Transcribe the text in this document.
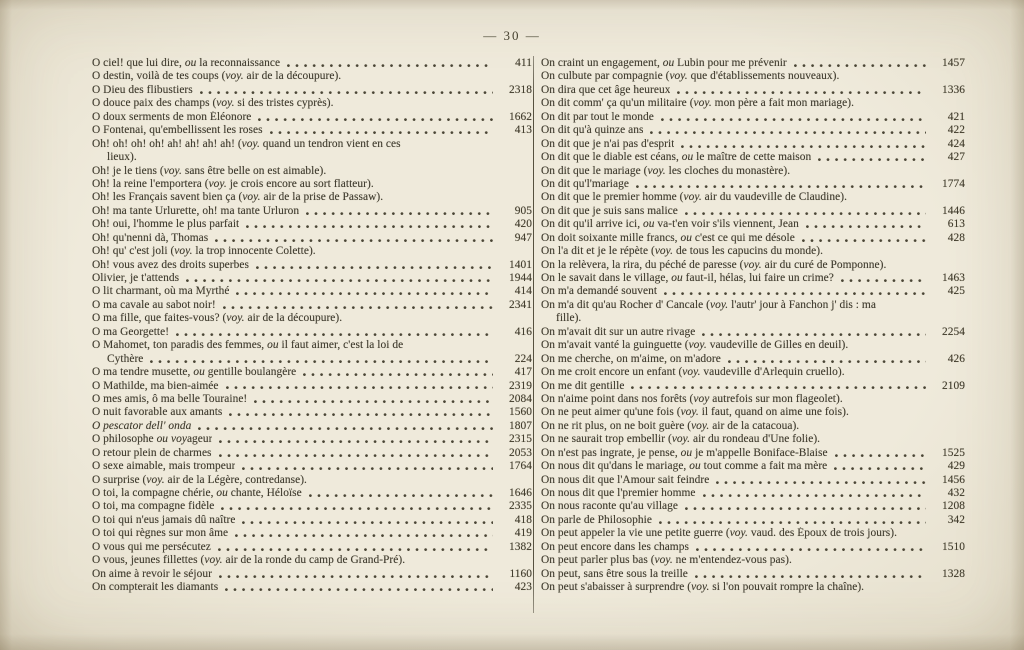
— 30 —
O ciel! que lui dire, ou la reconnaissance	411
O destin, voilà de tes coups (voy. air de la découpure).
O Dieu des flibustiers	2318
O douce paix des champs (voy. si des tristes cyprès).
O doux serments de mon Éléonore	1662
O Fontenai, qu'embellissent les roses	413
Oh! oh! oh! oh! ah! ah! ah! ah! (voy. quand un tendron vient en ces
lieux).
Oh! je le tiens (voy. sans être belle on est aimable).
Oh! la reine l'emportera (voy. je crois encore au sort flatteur).
Oh! les Français savent bien ça (voy. air de la prise de Passaw).
Oh! ma tante Urlurette, oh! ma tante Urluron	905
Oh! oui, l'homme le plus parfait	420
Oh! qu'nenni dà, Thomas	947
Oh! qu' c'est joli (voy. la trop innocente Colette).
Oh! vous avez des droits superbes	1401
Olivier, je t'attends	1944
O lit charmant, où ma Myrthé	414
O ma cavale au sabot noir!	2341
O ma fille, que faites-vous? (voy. air de la découpure).
O ma Georgette!	416
O Mahomet, ton paradis des femmes, ou il faut aimer, c'est la loi de
Cythère	224
O ma tendre musette, ou gentille boulangère	417
O Mathilde, ma bien-aimée	2319
O mes amis, ô ma belle Touraine!	2084
O nuit favorable aux amants	1560
O pescator dell' onda	1807
O philosophe ou voyageur	2315
O retour plein de charmes	2053
O sexe aimable, mais trompeur	1764
O surprise (voy. air de la Légère, contredanse).
O toi, la compagne chérie, ou chante, Héloïse	1646
O toi, ma compagne fidèle	2335
O toi qui n'eus jamais dû naître	418
O toi qui règnes sur mon âme	419
O vous qui me persécutez	1382
O vous, jeunes fillettes (voy. air de la ronde du camp de Grand-Pré).
On aime à revoir le séjour	1160
On compterait les diamants	423
On craint un engagement, ou Lubin pour me prévenir	1457
On culbute par compagnie (voy. que d'établissements nouveaux).
On dira que cet âge heureux	1336
On dit comm' ça qu'un militaire (voy. mon père a fait mon mariage).
On dit par tout le monde	421
On dit qu'à quinze ans	422
On dit que je n'ai pas d'esprit	424
On dit que le diable est céans, ou le maître de cette maison	427
On dit que le mariage (voy. les cloches du monastère).
On dit qu'l'mariage	1774
On dit que le premier homme (voy. air du vaudeville de Claudine).
On dit que je suis sans malice	1446
On dit qu'il arrive ici, ou va-t'en voir s'ils viennent, Jean	613
On doit soixante mille francs, ou c'est ce qui me désole	428
On l'a dit et je le répète (voy. de tous les capucins du monde).
On la relèvera, la rira, du péché de paresse (voy. air du curé de Pomponne).
On le savait dans le village, ou faut-il, hélas, lui faire un crime?	1463
On m'a demandé souvent	425
On m'a dit qu'au Rocher d' Cancale (voy. l'autr' jour à Fanchon j' dis : ma
fille).
On m'avait dit sur un autre rivage	2254
On m'avait vanté la guinguette (voy. vaudeville de Gilles en deuil).
On me cherche, on m'aime, on m'adore	426
On me croit encore un enfant (voy. vaudeville d'Arlequin cruello).
On me dit gentille	2109
On n'aime point dans nos forêts (voy autrefois sur mon flageolet).
On ne peut aimer qu'une fois (voy. il faut, quand on aime une fois).
On ne rit plus, on ne boit guère (voy. air de la catacoua).
On ne saurait trop embellir (voy. air du rondeau d'Une folie).
On n'est pas ingrate, je pense, ou je m'appelle Boniface-Blaise	1525
On nous dit qu'dans le mariage, ou tout comme a fait ma mère	429
On nous dit que l'Amour sait feindre	1456
On nous dit que l'premier homme	432
On nous raconte qu'au village	1208
On parle de Philosophie	342
On peut appeler la vie une petite guerre (voy. vaud. des Époux de trois jours).
On peut encore dans les champs	1510
On peut parler plus bas (voy. ne m'entendez-vous pas).
On peut, sans être sous la treille	1328
On peut s'abaisser à surprendre (voy. si l'on pouvait rompre la chaîne).
